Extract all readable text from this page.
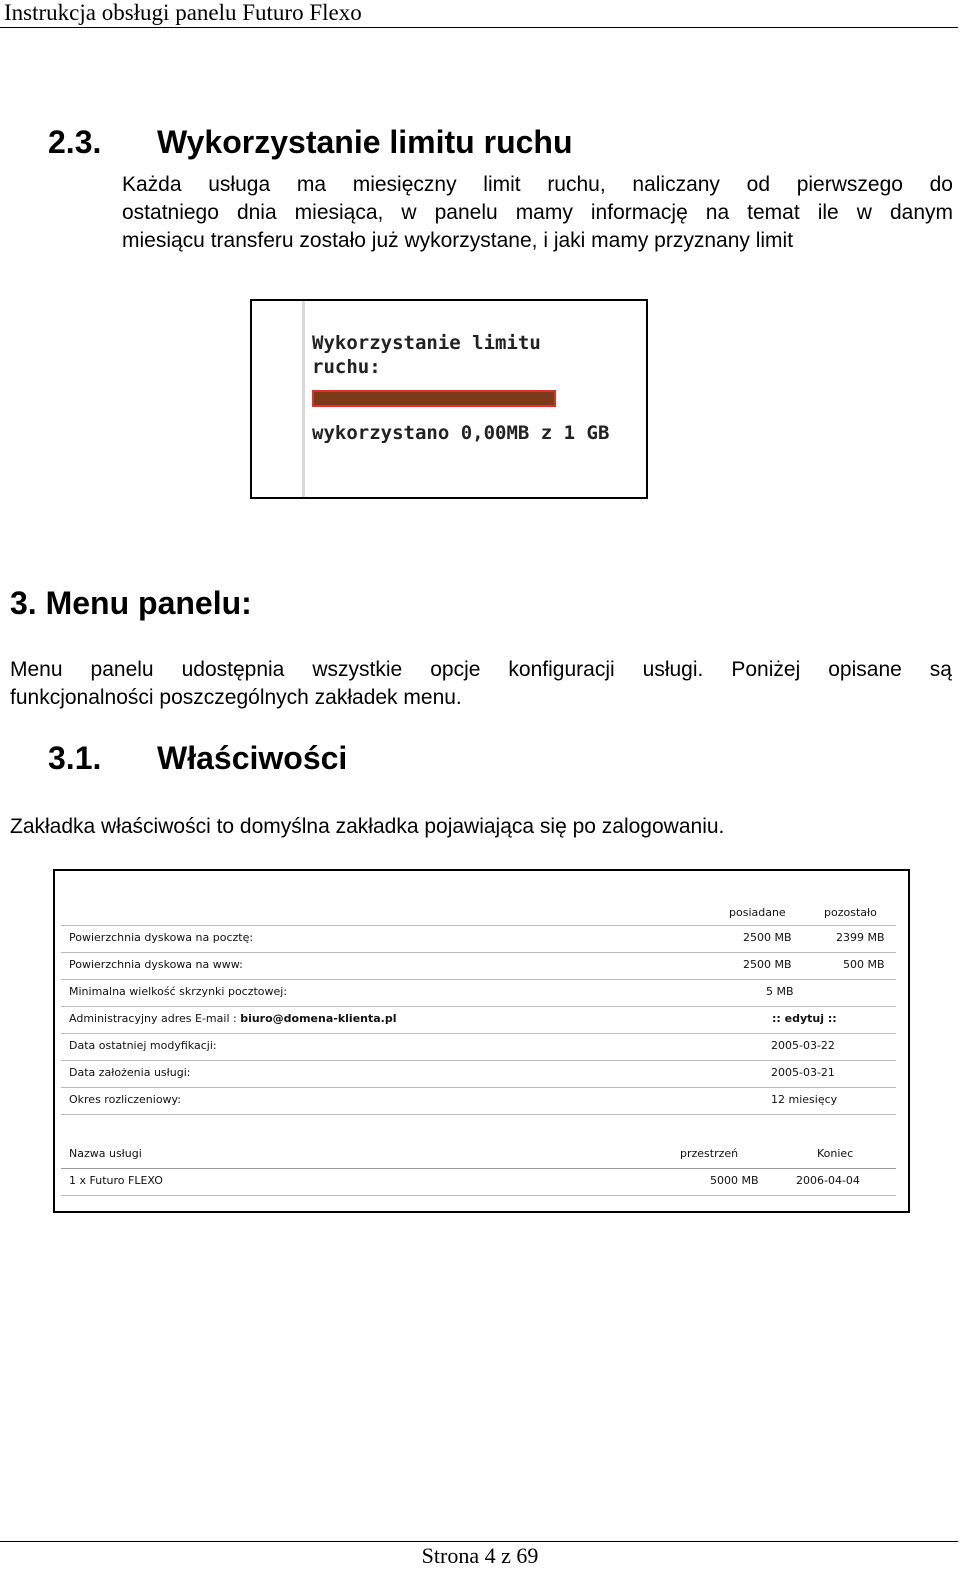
Instrukcja obsługi panelu Futuro Flexo
2.3. Wykorzystanie limitu ruchu
Każda usługa ma miesięczny limit ruchu, naliczany od pierwszego do
ostatniego dnia miesiąca, w panelu mamy informację na temat ile w danym
miesiącu transferu zostało już wykorzystane, i jaki mamy przyznany limit
Wykorzystanie limitu
ruchu:
wykorzystano 0,00MB z 1 GB
3. Menu panelu:
Menu panelu udostępnia wszystkie opcje konfiguracji usługi. Poniżej opisane są
funkcjonalności poszczególnych zakładek menu.
3.1. Właściwości
Zakładka właściwości to domyślna zakładka pojawiająca się po zalogowaniu.
posiadane	pozostało
Powierzchnia dyskowa na pocztę:	2500 MB	2399 MB
Powierzchnia dyskowa na www:	2500 MB	500 MB
Minimalna wielkość skrzynki pocztowej:	5 MB
Administracyjny adres E-mail : biuro@domena-klienta.pl	:: edytuj ::
Data ostatniej modyfikacji:	2005-03-22
Data założenia usługi:	2005-03-21
Okres rozliczeniowy:	12 miesięcy
Nazwa usługi	przestrzeń	Koniec
1 x Futuro FLEXO	5000 MB	2006-04-04
Strona 4 z 69
